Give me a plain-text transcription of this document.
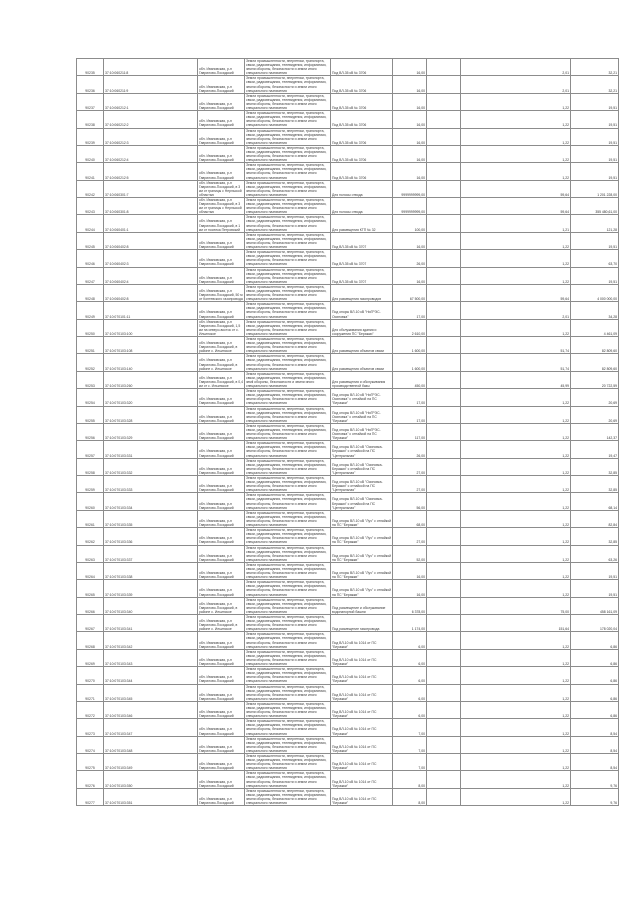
90235	37:10:060211:8	обл. Ивановская, р-н Гаврилово-Посадский	Земли промышленности, энергетики, транспорта, связи, радиовещания, телевидения, информатики, земли обороны, безопасности и земли иного специального назначения	Под ВЛ-35 кВ № 3706	16,00		2,01	32,21
90236	37:10:060211:9	обл. Ивановская, р-н Гаврилово-Посадский	Земли промышленности, энергетики, транспорта, связи, радиовещания, телевидения, информатики, земли обороны, безопасности и земли иного специального назначения	Под ВЛ-35 кВ № 3706	16,00		2,01	32,21
90237	37:10:060212:1	обл. Ивановская, р-н Гаврилово-Посадский	Земли промышленности, энергетики, транспорта, связи, радиовещания, телевидения, информатики, земли обороны, безопасности и земли иного специального назначения	Под ВЛ-35 кВ № 3706	16,00		1,22	19,51
90238	37:10:060212:2	обл. Ивановская, р-н Гаврилово-Посадский	Земли промышленности, энергетики, транспорта, связи, радиовещания, телевидения, информатики, земли обороны, безопасности и земли иного специального назначения	Под ВЛ-35 кВ № 3706	16,00		1,22	19,51
90239	37:10:060212:3	обл. Ивановская, р-н Гаврилово-Посадский	Земли промышленности, энергетики, транспорта, связи, радиовещания, телевидения, информатики, земли обороны, безопасности и земли иного специального назначения	Под ВЛ-35 кВ № 3706	16,00		1,22	19,51
90240	37:10:060212:4	обл. Ивановская, р-н Гаврилово-Посадский	Земли промышленности, энергетики, транспорта, связи, радиовещания, телевидения, информатики, земли обороны, безопасности и земли иного специального назначения	Под ВЛ-35 кВ № 3706	16,00		1,22	19,51
90241	37:10:060212:5	обл. Ивановская, р-н Гаврилово-Посадский	Земли промышленности, энергетики, транспорта, связи, радиовещания, телевидения, информатики, земли обороны, безопасности и земли иного специального назначения	Под ВЛ-35 кВ № 3706	16,00		1,22	19,51
90242	37:10:060301:7	обл. Ивановская, р-н Гаврилово-Посадский, в 3 км от границы с Нерльской областью	Земли промышленности, энергетики, транспорта, связи, радиовещания, телевидения, информатики, земли обороны, безопасности и земли иного специального назначения	Для полосы отвода	9999999999,00		59,64	1 201 228,00
90243	37:10:060301:8	обл. Ивановская, р-н Гаврилово-Посадский, в 3 км от границы с Нерльской областью	Земли промышленности, энергетики, транспорта, связи, радиовещания, телевидения, информатики, земли обороны, безопасности и земли иного специального назначения	Для полосы отвода	9999999999,00		59,64	355 480,61,00
90244	37:10:060401:1	обл. Ивановская, р-н Гаврилово-Посадский, в 1 км от поселка Петровский	Земли промышленности, энергетики, транспорта, связи, радиовещания, телевидения, информатики, земли обороны, безопасности и земли иного специального назначения	Для размещения КТП № 32	100,00		1,21	121,28
90245	37:10:060402:8	обл. Ивановская, р-н Гаврилово-Посадский	Земли промышленности, энергетики, транспорта, связи, радиовещания, телевидения, информатики, земли обороны, безопасности и земли иного специального назначения	Под ВЛ-35 кВ № 3707	16,00		1,22	19,51
90246	37:10:060402:3	обл. Ивановская, р-н Гаврилово-Посадский	Земли промышленности, энергетики, транспорта, связи, радиовещания, телевидения, информатики, земли обороны, безопасности и земли иного специального назначения	Под ВЛ-35 кВ № 3707	26,00		1,22	63,70
90247	37:10:060402:4	обл. Ивановская, р-н Гаврилово-Посадский	Земли промышленности, энергетики, транспорта, связи, радиовещания, телевидения, информатики, земли обороны, безопасности и земли иного специального назначения	Под ВЛ-35 кВ № 3707	16,00		1,22	19,51
90248	37:10:060402:8	обл. Ивановская, р-н Гаврилово-Посадский, 50 м от Коптевского газопровода	Земли промышленности, энергетики, транспорта, связи, радиовещания, телевидения, информатики, земли обороны, безопасности и земли иного специального назначения	Для размещения газопроводов	67 500,00		59,64	4 000 000,00
90249	37:10:070101:11	обл. Ивановская, р-н Гаврилово-Посадский	Земли промышленности, энергетики, транспорта, связи, радиовещания, телевидения, информатики, земли обороны, безопасности и земли иного специального назначения	Под опоры ВЛ-10 кВ "НиГРЭС-Осиновка"	17,00		2,01	34,28
90250	37:10:070103:100	обл. Ивановская, р-н Гаврилово-Посадский, 1,5 км на северо-восток от с. Ильинское	Земли промышленности, энергетики, транспорта, связи, радиовещания, телевидения, информатики, земли обороны, безопасности и земли иного специального назначения	Для обслуживания здания и сооружения ПС "Беражки"	2 610,00		1,22	4 461,09
90251	37:10:070103:108	обл. Ивановская, р-н Гаврилово-Посадский, в районе с. Ильинское	Земли промышленности, энергетики, транспорта, связи, радиовещания, телевидения, информатики, земли обороны, безопасности и земли иного специального назначения	Для размещения объектов связи	1 600,00		51,74	82 809,60
90252	37:10:070103:140	обл. Ивановская, р-н Гаврилово-Посадский, в районе с. Ильинское	Земли промышленности, энергетики, транспорта, связи, радиовещания, телевидения, информатики, земли обороны, безопасности и земли иного специального назначения	Для размещения объектов связи	1 600,00		51,74	82 809,60
90253	37:10:070103:260	обл. Ивановская, р-н Гаврилово-Посадский, в 0,4 км от с. Ильинское	Земли промышленности, энергетики, транспорта, связи, радиовещания, телевидения, информатики, земli обороны, безопасности и земли иного специального назначения	Для размещения и обслуживания производственной базы	450,00		45,99	20 722,59
90254	37:10:070103:320	обл. Ивановская, р-н Гаврилово-Посадский	Земли промышленности, энергетики, транспорта, связи, радиовещания, телевидения, информатики, земли обороны, безопасности и земли иного специального назначения	Под опоры ВЛ-10 кВ "НиГРЭС-Осиновка" с отпайкой на ПС "Беражки"	17,00		1,22	20,69
90255	37:10:070103:328	обл. Ивановская, р-н Гаврилово-Посадский	Земли промышленности, энергетики, транспорта, связи, радиовещания, телевидения, информатики, земли обороны, безопасности и земли иного специального назначения	Под опоры ВЛ-10 кВ "НиГРЭС-Осиновка" с отпайкой на ПС "Беражки"	17,00		1,22	20,69
90256	37:10:070103:329	обл. Ивановская, р-н Гаврилово-Посадский	Земли промышленности, энергетики, транспорта, связи, радиовещания, телевидения, информатики, земли обороны, безопасности и земли иного специального назначения	Под опоры ВЛ-10 кВ "НиГРЭС-Осиновка" с отпайкой на ПС "Беражки"	117,00		1,22	142,37
90257	37:10:070103:331	обл. Ивановская, р-н Гаврилово-Посадский	Земли промышленности, энергетики, транспорта, связи, радиовещания, телевидения, информатики, земли обороны, безопасности и земли иного специального назначения	Под опоры ВЛ-10 кВ "Осиновка-Беражки" с отпайкой на ПС "Центральная"	26,00		1,22	19,47
90258	37:10:070103:332	обл. Ивановская, р-н Гаврилово-Посадский	Земли промышленности, энергетики, транспорта, связи, радиовещания, телевидения, информатики, земли обороны, безопасности и земли иного специального назначения	Под опоры ВЛ-10 кВ "Осиновка-Беражки" с отпайкой на ПС "Центральная"	27,00		1,22	32,85
90259	37:10:070103:333	обл. Ивановская, р-н Гаврилово-Посадский	Земли промышленности, энергетики, транспорта, связи, радиовещания, телевидения, информатики, земли обороны, безопасности и земли иного специального назначения	Под опоры ВЛ-10 кВ "Осиновка-Беражки" с отпайкой на ПС "Центральная"	27,00		1,22	32,85
90260	37:10:070103:334	обл. Ивановская, р-н Гаврилово-Посадский	Земли промышленности, энергетики, транспорта, связи, радиовещания, телевидения, информатики, земли обороны, безопасности и земли иного специального назначения	Под опоры ВЛ-10 кВ "Осиновка-Беражки" с отпайкой на ПС "Центральная"	56,00		1,22	68,14
90261	37:10:070103:335	обл. Ивановская, р-н Гаврилово-Посадский	Земли промышленности, энергетики, транспорта, связи, радиовещания, телевидения, информатики, земли обороны, безопасности и земли иного специального назначения	Под опоры ВЛ-10 кВ "Луч" с отпайкой на ПС "Беражки"	68,00		1,22	82,84
90262	37:10:070103:336	обл. Ивановская, р-н Гаврилово-Посадский	Земли промышленности, энергетики, транспорта, связи, радиовещания, телевидения, информатики, земли обороны, безопасности и земли иного специального назначения	Под опоры ВЛ-10 кВ "Луч" с отпайкой на ПС "Беражки"	27,00		1,22	32,85
90263	37:10:070103:337	обл. Ивановская, р-н Гаврилово-Посадский	Земли промышленности, энергетики, транспорта, связи, радиовещания, телевидения, информатики, земли обороны, безопасности и земли иного специального назначения	Под опоры ВЛ-10 кВ "Луч" с отпайкой на ПС "Беражки"	52,00		1,22	63,26
90264	37:10:070103:338	обл. Ивановская, р-н Гаврилово-Посадский	Земли промышленности, энергетики, транспорта, связи, радиовещания, телевидения, информатики, земли обороны, безопасности и земли иного специального назначения	Под опоры ВЛ-10 кВ "Луч" с отпайкой на ПС "Беражки"	16,00		1,22	19,51
90265	37:10:070103:339	обл. Ивановская, р-н Гаврилово-Посадский	Земли промышленности, энергетики, транспорта, связи, радиовещания, телевидения, информатики, земли обороны, безопасности и земли иного специального назначения	Под опоры ВЛ-10 кВ "Луч" с отпайкой на ПС "Беражки"	16,00		1,22	19,51
90266	37:10:070103:340	обл. Ивановская, р-н Гаврилово-Посадский, в районе с. Ильинское	Земли промышленности, энергетики, транспорта, связи, радиовещания, телевидения, информатики, земли обороны, безопасности и земли иного специального назначения	Под размещение и обслуживание водонапорной башни	6 378,00		75,00	458 161,09
90267	37:10:070103:341	обл. Ивановская, р-н Гаврилово-Посадский, в районе с. Ильинское	Земли промышленности, энергетики, транспорта, связи, радиовещания, телевидения, информатики, земли обороны, безопасности и земли иного специального назначения	Под размещение газопровода	1 174,00		151,64	178 020,04
90268	37:10:070103:342	обл. Ивановская, р-н Гаврилово-Посадский	Земли промышленности, энергетики, транспорта, связи, радиовещания, телевидения, информатики, земли обороны, безопасности и земли иного специального назначения	Под ВЛ-10 кВ № 1014 от ПС "Беражки"	6,00		1,22	6,86
90269	37:10:070103:343	обл. Ивановская, р-н Гаврилово-Посадский	Земли промышленности, энергетики, транспорта, связи, радиовещания, телевидения, информатики, земли обороны, безопасности и земли иного специального назначения	Под ВЛ-10 кВ № 1014 от ПС "Беражки"	6,00		1,22	6,86
90270	37:10:070103:344	обл. Ивановская, р-н Гаврилово-Посадский	Земли промышленности, энергетики, транспорта, связи, радиовещания, телевидения, информатики, земли обороны, безопасности и земли иного специального назначения	Под ВЛ-10 кВ № 1014 от ПС "Беражки"	6,00		1,22	6,86
90271	37:10:070103:345	обл. Ивановская, р-н Гаврилово-Посадский	Земли промышленности, энергетики, транспорта, связи, радиовещания, телевидения, информатики, земли обороны, безопасности и земли иного специального назначения	Под ВЛ-10 кВ № 1014 от ПС "Беражки"	6,00		1,22	6,86
90272	37:10:070103:346	обл. Ивановская, р-н Гаврилово-Посадский	Земли промышленности, энергетики, транспорта, связи, радиовещания, телевидения, информатики, земли обороны, безопасности и земли иного специального назначения	Под ВЛ-10 кВ № 1014 от ПС "Беражки"	6,00		1,22	6,86
90273	37:10:070103:347	обл. Ивановская, р-н Гаврилово-Посадский	Земли промышленности, энергетики, транспорта, связи, радиовещания, телевидения, информатики, земли обороны, безопасности и земли иного специального назначения	Под ВЛ-10 кВ № 1014 от ПС "Беражки"	7,00		1,22	8,54
90274	37:10:070103:348	обл. Ивановская, р-н Гаврилово-Посадский	Земли промышленности, энергетики, транспорта, связи, радиовещания, телевидения, информатики, земли обороны, безопасности и земли иного специального назначения	Под ВЛ-10 кВ № 1014 от ПС "Беражки"	7,00		1,22	8,54
90275	37:10:070103:349	обл. Ивановская, р-н Гаврилово-Посадский	Земли промышленности, энергетики, транспорта, связи, радиовещания, телевидения, информатики, земли обороны, безопасности и земли иного специального назначения	Под ВЛ-10 кВ № 1014 от ПС "Беражки"	7,00		1,22	8,54
90276	37:10:070103:350	обл. Ивановская, р-н Гаврилово-Посадский	Земли промышленности, энергетики, транспорта, связи, радиовещания, телевидения, информатики, земли обороны, безопасности и земли иного специального назначения	Под ВЛ-10 кВ № 1014 от ПС "Беражки"	8,00		1,22	9,76
90277	37:10:070103:351	обл. Ивановская, р-н Гаврилово-Посадский	Земли промышленности, энергетики, транспорта, связи, радиовещания, телевидения, информатики, земли обороны, безопасности и земли иного специального назначения	Под ВЛ-10 кВ № 1014 от ПС "Беражки"	8,00		1,22	9,76
